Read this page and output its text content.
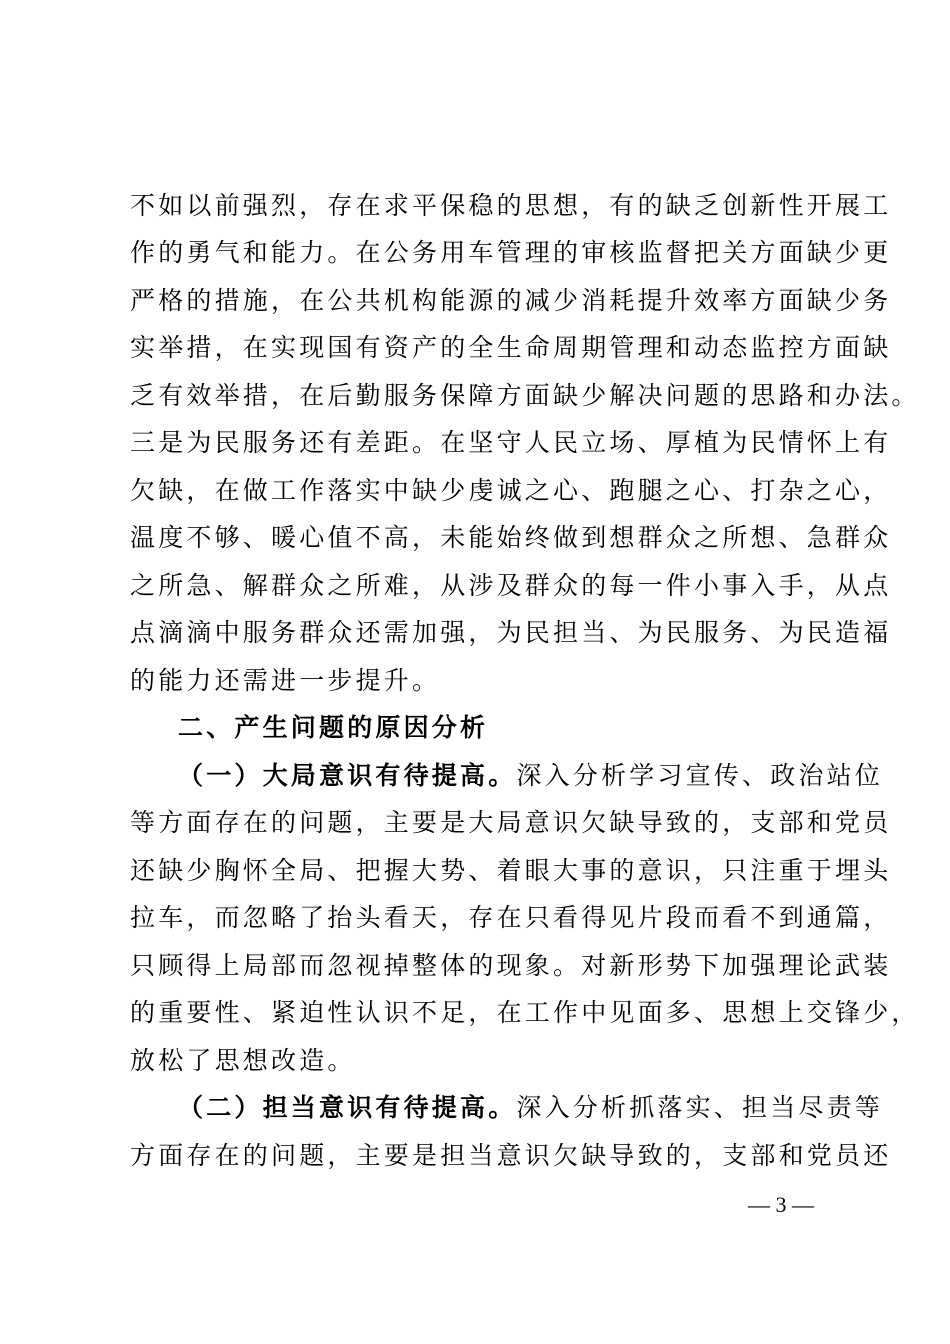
不如以前强烈，存在求平保稳的思想，有的缺乏创新性开展工
作的勇气和能力。在公务用车管理的审核监督把关方面缺少更
严格的措施，在公共机构能源的减少消耗提升效率方面缺少务
实举措，在实现国有资产的全生命周期管理和动态监控方面缺
乏有效举措，在后勤服务保障方面缺少解决问题的思路和办法。
三是为民服务还有差距。在坚守人民立场、厚植为民情怀上有
欠缺，在做工作落实中缺少虔诚之心、跑腿之心、打杂之心，
温度不够、暖心值不高，未能始终做到想群众之所想、急群众
之所急、解群众之所难，从涉及群众的每一件小事入手，从点
点滴滴中服务群众还需加强，为民担当、为民服务、为民造福
的能力还需进一步提升。
二、产生问题的原因分析
（一）大局意识有待提高。深入分析学习宣传、政治站位
等方面存在的问题，主要是大局意识欠缺导致的，支部和党员
还缺少胸怀全局、把握大势、着眼大事的意识，只注重于埋头
拉车，而忽略了抬头看天，存在只看得见片段而看不到通篇，
只顾得上局部而忽视掉整体的现象。对新形势下加强理论武装
的重要性、紧迫性认识不足，在工作中见面多、思想上交锋少，
放松了思想改造。
（二）担当意识有待提高。深入分析抓落实、担当尽责等
方面存在的问题，主要是担当意识欠缺导致的，支部和党员还
— 3 —
